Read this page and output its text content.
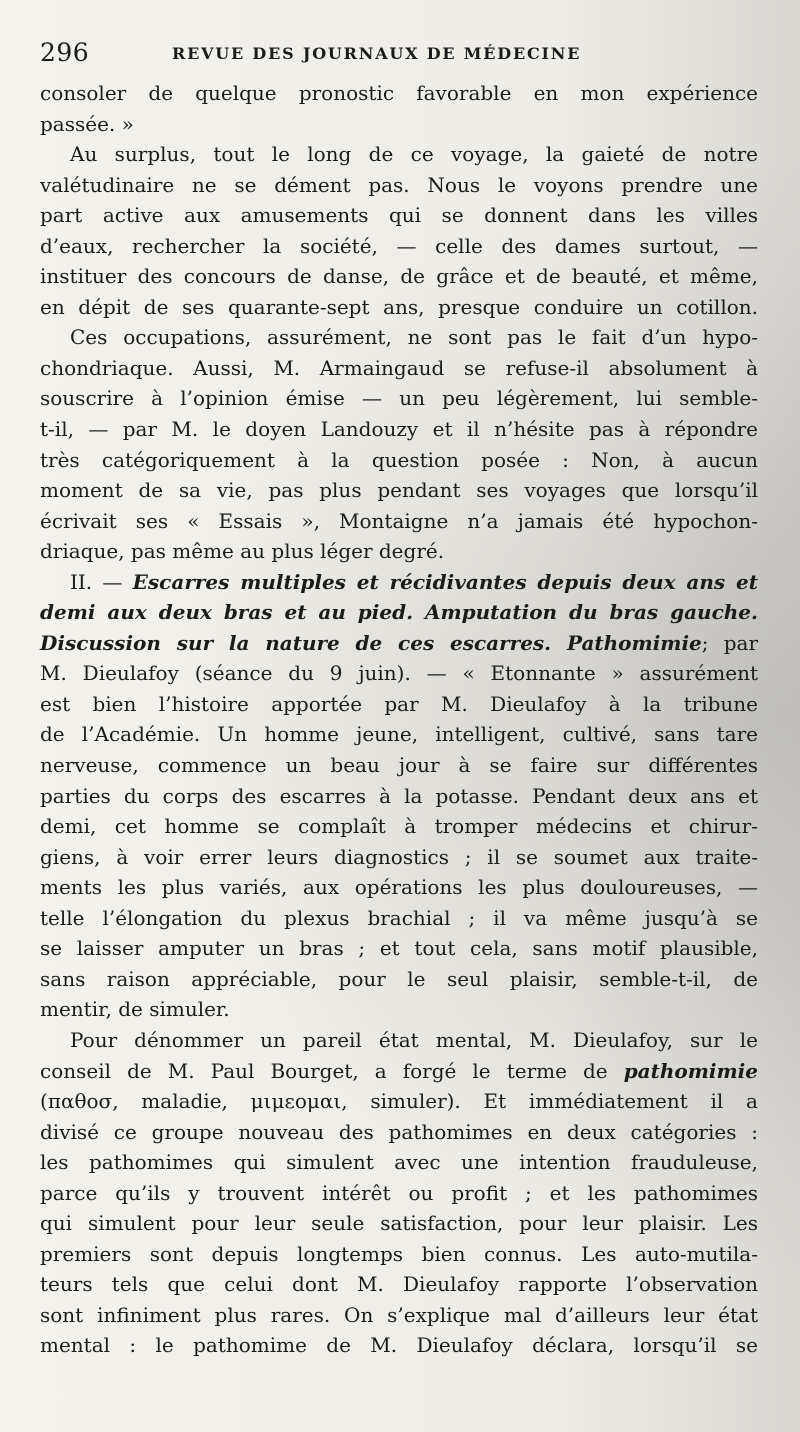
296	REVUE DES JOURNAUX DE MÉDECINE
consoler de quelque pronostic favorable en mon expérience
passée. »
Au surplus, tout le long de ce voyage, la gaieté de notre
valétudinaire ne se dément pas. Nous le voyons prendre une
part active aux amusements qui se donnent dans les villes
d’eaux, rechercher la société, — celle des dames surtout, —
instituer des concours de danse, de grâce et de beauté, et même,
en dépit de ses quarante-sept ans, presque conduire un cotillon.
Ces occupations, assurément, ne sont pas le fait d’un hypo-
chondriaque. Aussi, M. Armaingaud se refuse-il absolument à
souscrire à l’opinion émise — un peu légèrement, lui semble-
t-il, — par M. le doyen Landouzy et il n’hésite pas à répondre
très catégoriquement à la question posée : Non, à aucun
moment de sa vie, pas plus pendant ses voyages que lorsqu’il
écrivait ses « Essais », Montaigne n’a jamais été hypochon-
driaque, pas même au plus léger degré.
II. — Escarres multiples et récidivantes depuis deux ans et
demi aux deux bras et au pied. Amputation du bras gauche.
Discussion sur la nature de ces escarres. Pathomimie; par
M. Dieulafoy (séance du 9 juin). — « Etonnante » assurément
est bien l’histoire apportée par M. Dieulafoy à la tribune
de l’Académie. Un homme jeune, intelligent, cultivé, sans tare
nerveuse, commence un beau jour à se faire sur différentes
parties du corps des escarres à la potasse. Pendant deux ans et
demi, cet homme se complaît à tromper médecins et chirur-
giens, à voir errer leurs diagnostics ; il se soumet aux traite-
ments les plus variés, aux opérations les plus douloureuses, —
telle l’élongation du plexus brachial ; il va même jusqu’à se
se laisser amputer un bras ; et tout cela, sans motif plausible,
sans raison appréciable, pour le seul plaisir, semble-t-il, de
mentir, de simuler.
Pour dénommer un pareil état mental, M. Dieulafoy, sur le
conseil de M. Paul Bourget, a forgé le terme de pathomimie
(παθοσ, maladie, μιμεομαι, simuler). Et immédiatement il a
divisé ce groupe nouveau des pathomimes en deux catégories :
les pathomimes qui simulent avec une intention frauduleuse,
parce qu’ils y trouvent intérêt ou profit ; et les pathomimes
qui simulent pour leur seule satisfaction, pour leur plaisir. Les
premiers sont depuis longtemps bien connus. Les auto-mutila-
teurs tels que celui dont M. Dieulafoy rapporte l’observation
sont infiniment plus rares. On s’explique mal d’ailleurs leur état
mental : le pathomime de M. Dieulafoy déclara, lorsqu’il se
